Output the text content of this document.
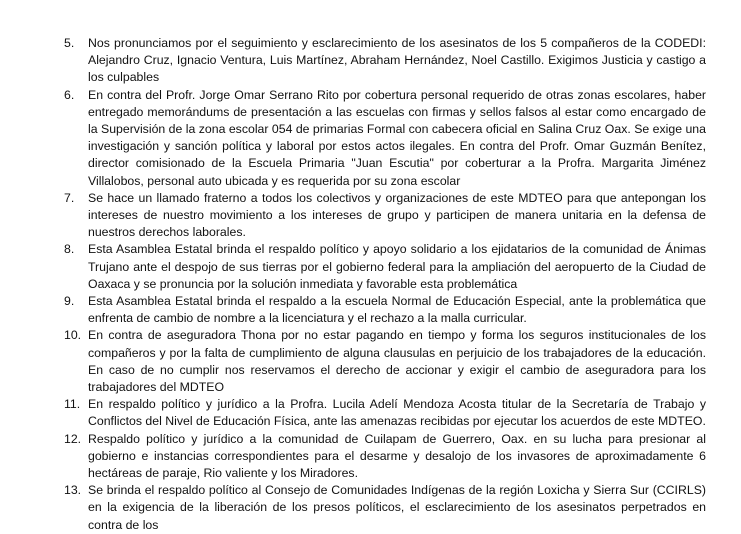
5. Nos pronunciamos por el seguimiento y esclarecimiento de los asesinatos de los 5 compañeros de la CODEDI: Alejandro Cruz, Ignacio Ventura, Luis Martínez, Abraham Hernández, Noel Castillo. Exigimos Justicia y castigo a los culpables
6. En contra del Profr. Jorge Omar Serrano Rito por cobertura personal requerido de otras zonas escolares, haber entregado memorándums de presentación a las escuelas con firmas y sellos falsos al estar como encargado de la Supervisión de la zona escolar 054 de primarias Formal con cabecera oficial en Salina Cruz Oax. Se exige una investigación y sanción política y laboral por estos actos ilegales. En contra del Profr. Omar Guzmán Benítez, director comisionado de la Escuela Primaria "Juan Escutia" por coberturar a la Profra. Margarita Jiménez Villalobos, personal auto ubicada y es requerida por su zona escolar
7. Se hace un llamado fraterno a todos los colectivos y organizaciones de este MDTEO para que antepongan los intereses de nuestro movimiento a los intereses de grupo y participen de manera unitaria en la defensa de nuestros derechos laborales.
8. Esta Asamblea Estatal brinda el respaldo político y apoyo solidario a los ejidatarios de la comunidad de Ánimas Trujano ante el despojo de sus tierras por el gobierno federal para la ampliación del aeropuerto de la Ciudad de Oaxaca y se pronuncia por la solución inmediata y favorable esta problemática
9. Esta Asamblea Estatal brinda el respaldo a la escuela Normal de Educación Especial, ante la problemática que enfrenta de cambio de nombre a la licenciatura y el rechazo a la malla curricular.
10. En contra de aseguradora Thona por no estar pagando en tiempo y forma los seguros institucionales de los compañeros y por la falta de cumplimiento de alguna clausulas en perjuicio de los trabajadores de la educación. En caso de no cumplir nos reservamos el derecho de accionar y exigir el cambio de aseguradora para los trabajadores del MDTEO
11. En respaldo político y jurídico a la Profra. Lucila Adelí Mendoza Acosta titular de la Secretaría de Trabajo y Conflictos del Nivel de Educación Física, ante las amenazas recibidas por ejecutar los acuerdos de este MDTEO.
12. Respaldo político y jurídico a la comunidad de Cuilapam de Guerrero, Oax. en su lucha para presionar al gobierno e instancias correspondientes para el desarme y desalojo de los invasores de aproximadamente 6 hectáreas de paraje, Rio valiente y los Miradores.
13. Se brinda el respaldo político al Consejo de Comunidades Indígenas de la región Loxicha y Sierra Sur (CCIRLS) en la exigencia de la liberación de los presos políticos, el esclarecimiento de los asesinatos perpetrados en contra de los
